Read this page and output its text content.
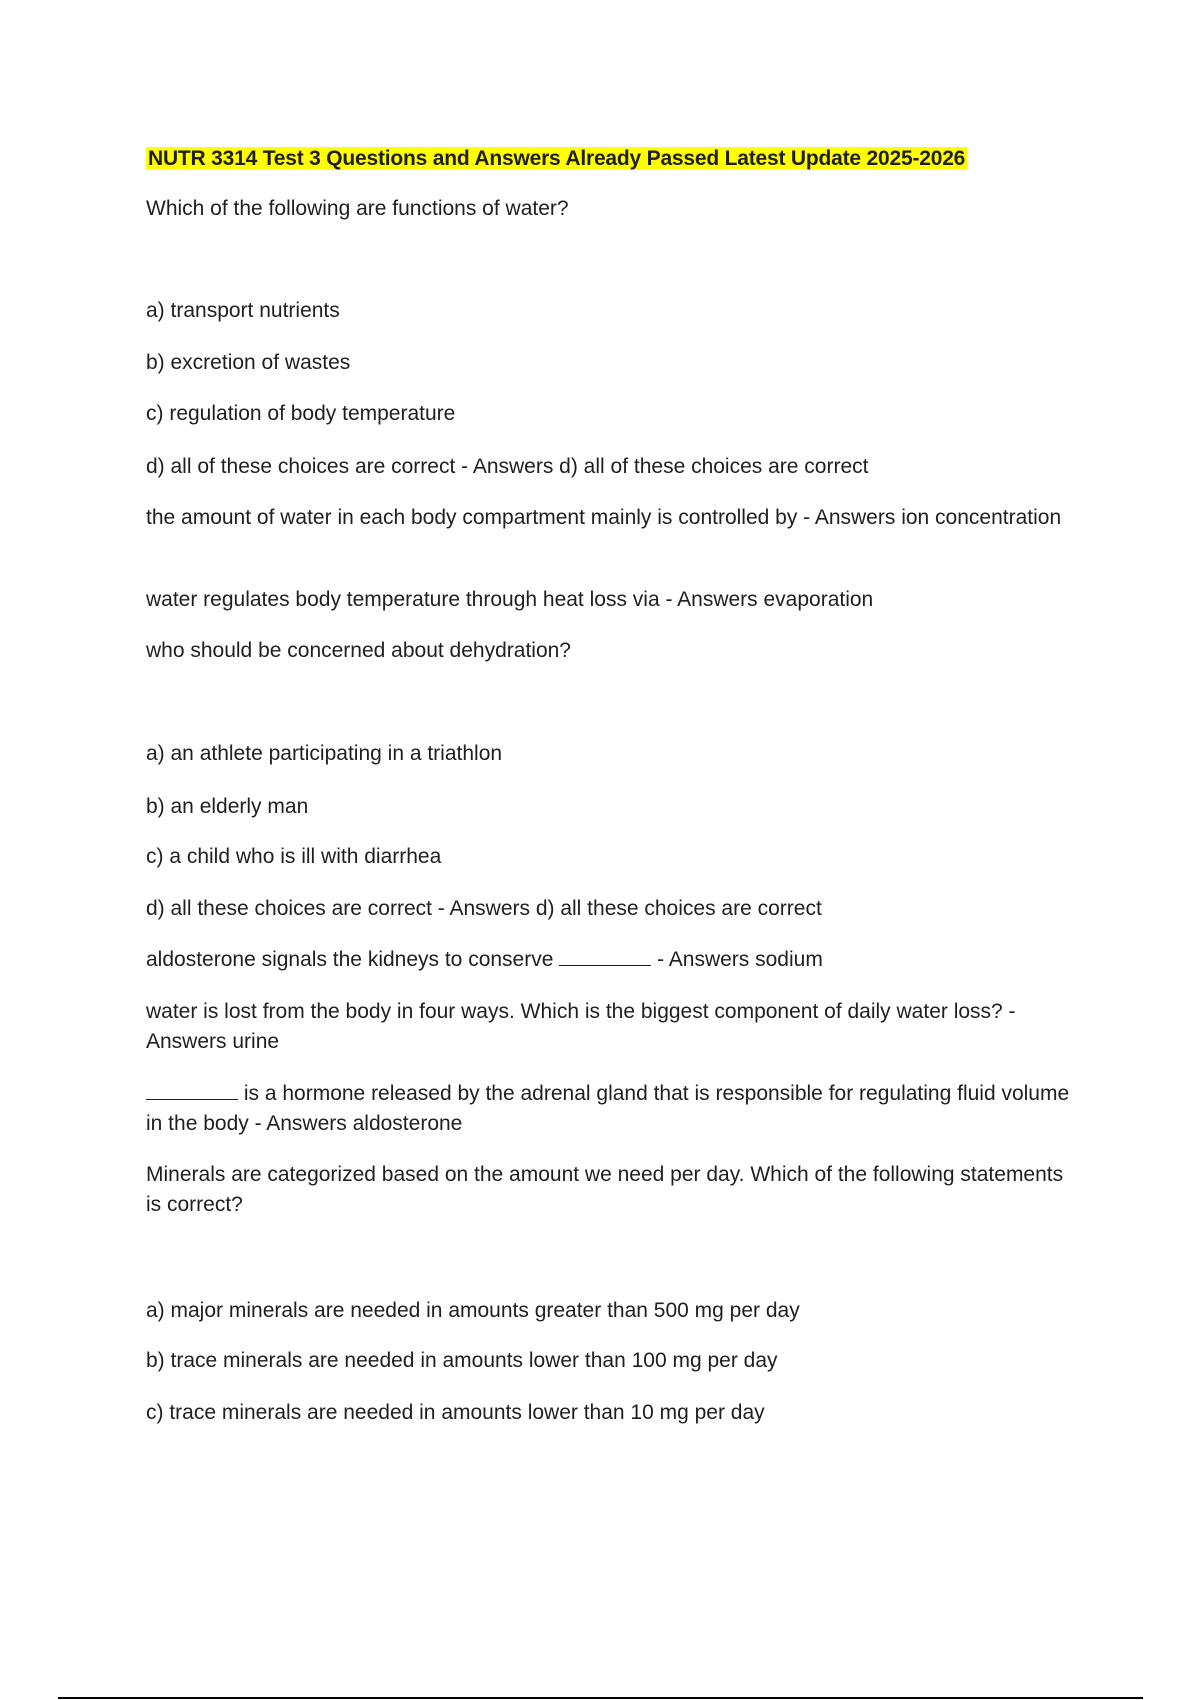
NUTR 3314 Test 3 Questions and Answers Already Passed Latest Update 2025-2026
Which of the following are functions of water?
a) transport nutrients
b) excretion of wastes
c) regulation of body temperature
d) all of these choices are correct - Answers d) all of these choices are correct
the amount of water in each body compartment mainly is controlled by - Answers ion concentration
water regulates body temperature through heat loss via - Answers evaporation
who should be concerned about dehydration?
a) an athlete participating in a triathlon
b) an elderly man
c) a child who is ill with diarrhea
d) all these choices are correct - Answers d) all these choices are correct
aldosterone signals the kidneys to conserve	- Answers sodium
water is lost from the body in four ways. Which is the biggest component of daily water loss? - Answers urine
is a hormone released by the adrenal gland that is responsible for regulating fluid volume in the body - Answers aldosterone
Minerals are categorized based on the amount we need per day. Which of the following statements is correct?
a) major minerals are needed in amounts greater than 500 mg per day
b) trace minerals are needed in amounts lower than 100 mg per day
c) trace minerals are needed in amounts lower than 10 mg per day
